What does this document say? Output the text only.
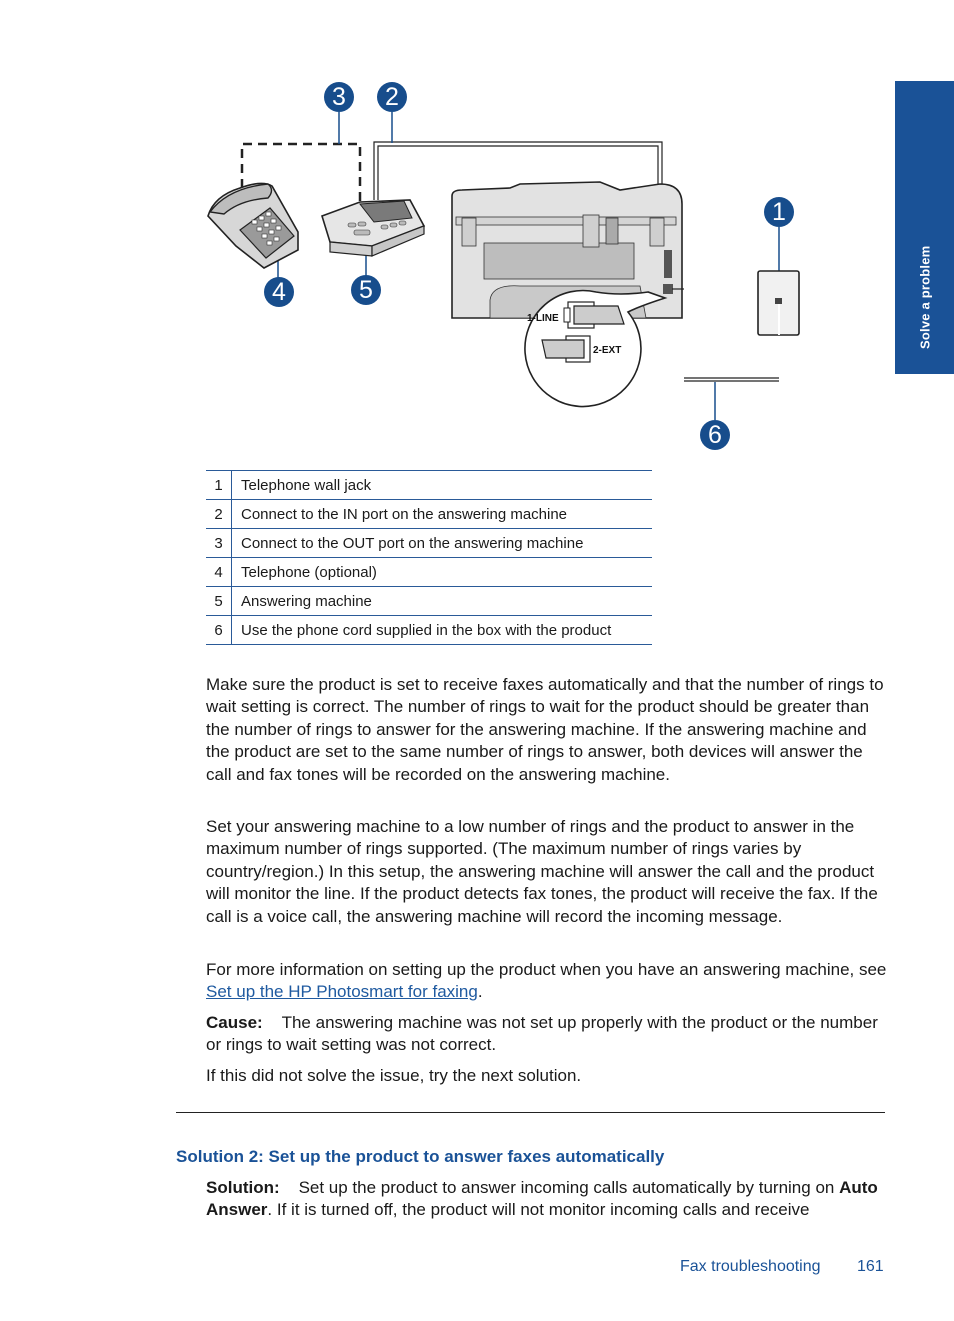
Solve a problem
1-LINE
2-EXT
1
2
3
4	5
6
1	Telephone wall jack
2	Connect to the IN port on the answering machine
3	Connect to the OUT port on the answering machine
4	Telephone (optional)
5	Answering machine
6	Use the phone cord supplied in the box with the product

Make sure the product is set to receive faxes automatically and that the number of rings to wait setting is correct. The number of rings to wait for the product should be greater than the number of rings to answer for the answering machine. If the answering machine and the product are set to the same number of rings to answer, both devices will answer the call and fax tones will be recorded on the answering machine.

Set your answering machine to a low number of rings and the product to answer in the maximum number of rings supported. (The maximum number of rings varies by country/region.) In this setup, the answering machine will answer the call and the product will monitor the line. If the product detects fax tones, the product will receive the fax. If the call is a voice call, the answering machine will record the incoming message.

For more information on setting up the product when you have an answering machine, see Set up the HP Photosmart for faxing.

Cause: The answering machine was not set up properly with the product or the number or rings to wait setting was not correct.

If this did not solve the issue, try the next solution.

Solution 2: Set up the product to answer faxes automatically

Solution: Set up the product to answer incoming calls automatically by turning on Auto Answer. If it is turned off, the product will not monitor incoming calls and receive

Fax troubleshooting 161
